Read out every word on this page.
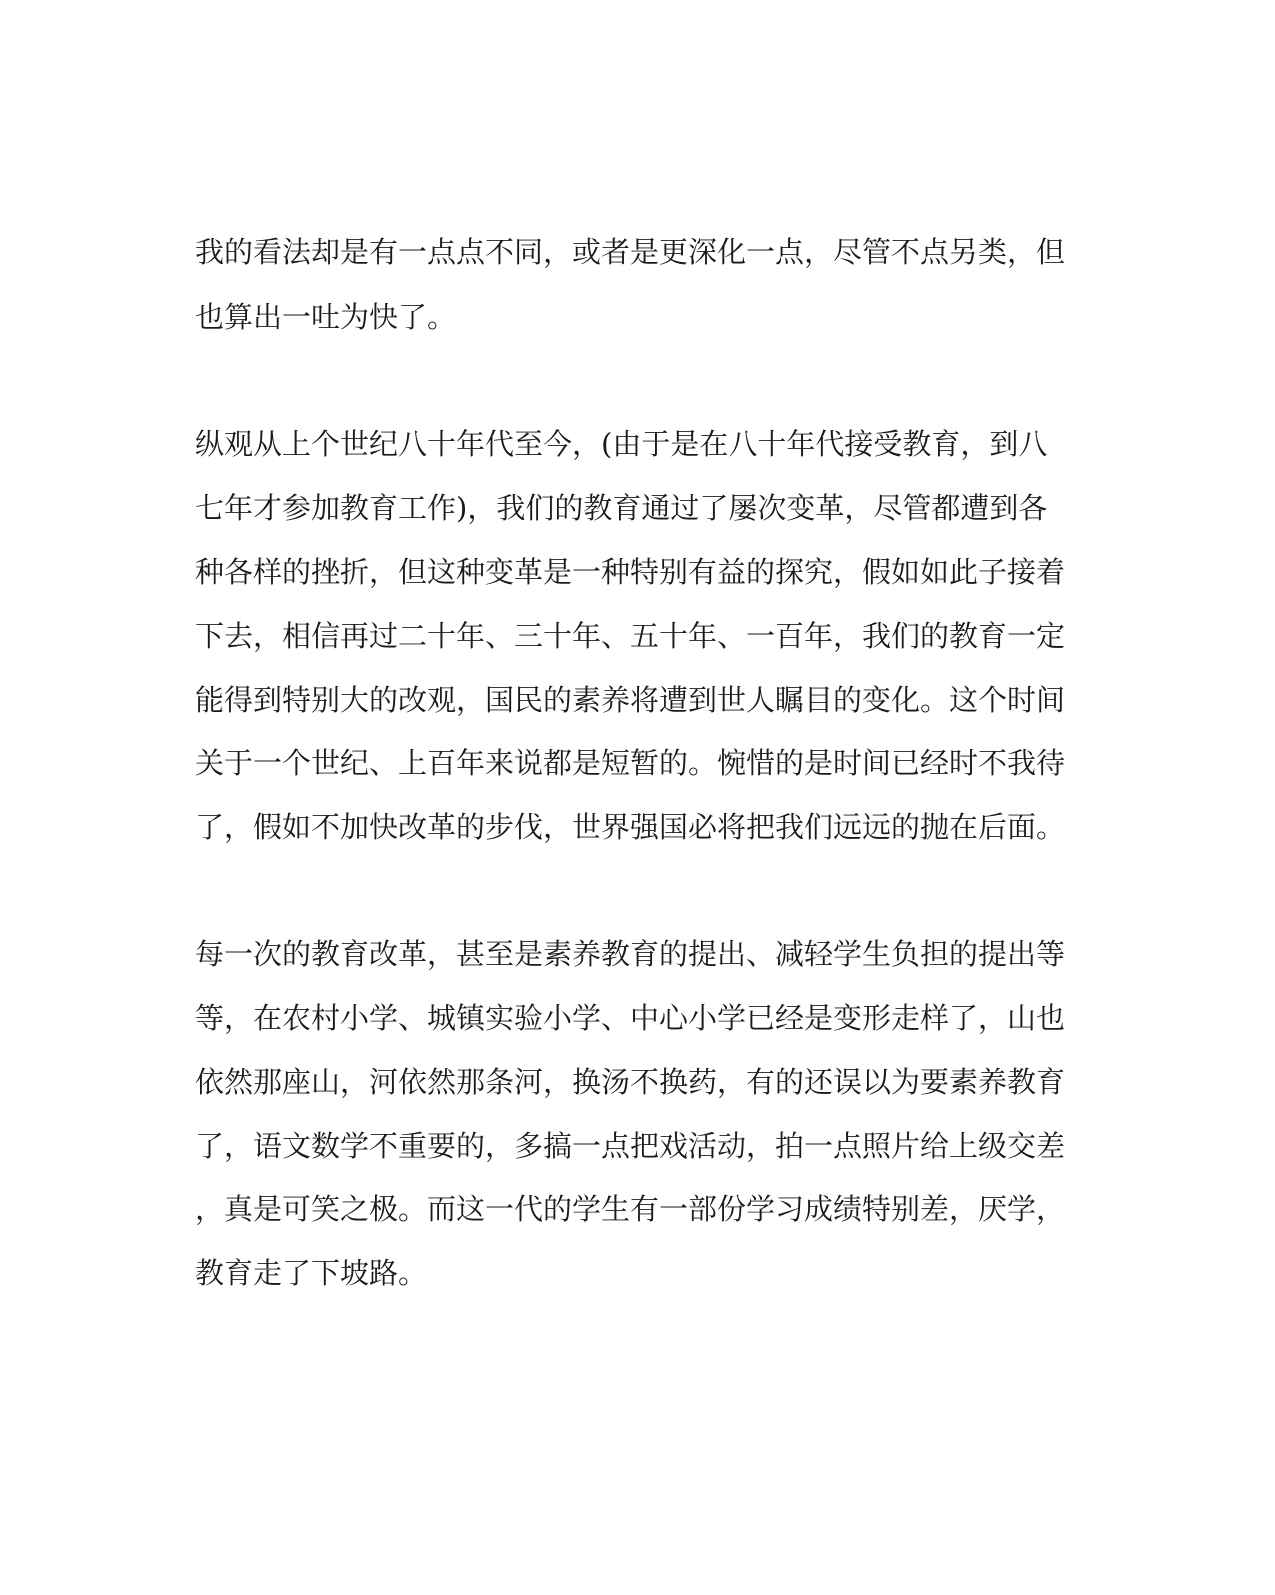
我的看法却是有一点点不同，或者是更深化一点，尽管不点另类，但
也算出一吐为快了。
纵观从上个世纪八十年代至今，(由于是在八十年代接受教育，到八
七年才参加教育工作)，我们的教育通过了屡次变革，尽管都遭到各
种各样的挫折，但这种变革是一种特别有益的探究，假如如此子接着
下去，相信再过二十年、三十年、五十年、一百年，我们的教育一定
能得到特别大的改观，国民的素养将遭到世人瞩目的变化。这个时间
关于一个世纪、上百年来说都是短暂的。惋惜的是时间已经时不我待
了，假如不加快改革的步伐，世界强国必将把我们远远的抛在后面。
每一次的教育改革，甚至是素养教育的提出、减轻学生负担的提出等
等，在农村小学、城镇实验小学、中心小学已经是变形走样了，山也
依然那座山，河依然那条河，换汤不换药，有的还误以为要素养教育
了，语文数学不重要的，多搞一点把戏活动，拍一点照片给上级交差
，真是可笑之极。而这一代的学生有一部份学习成绩特别差，厌学，
教育走了下坡路。
